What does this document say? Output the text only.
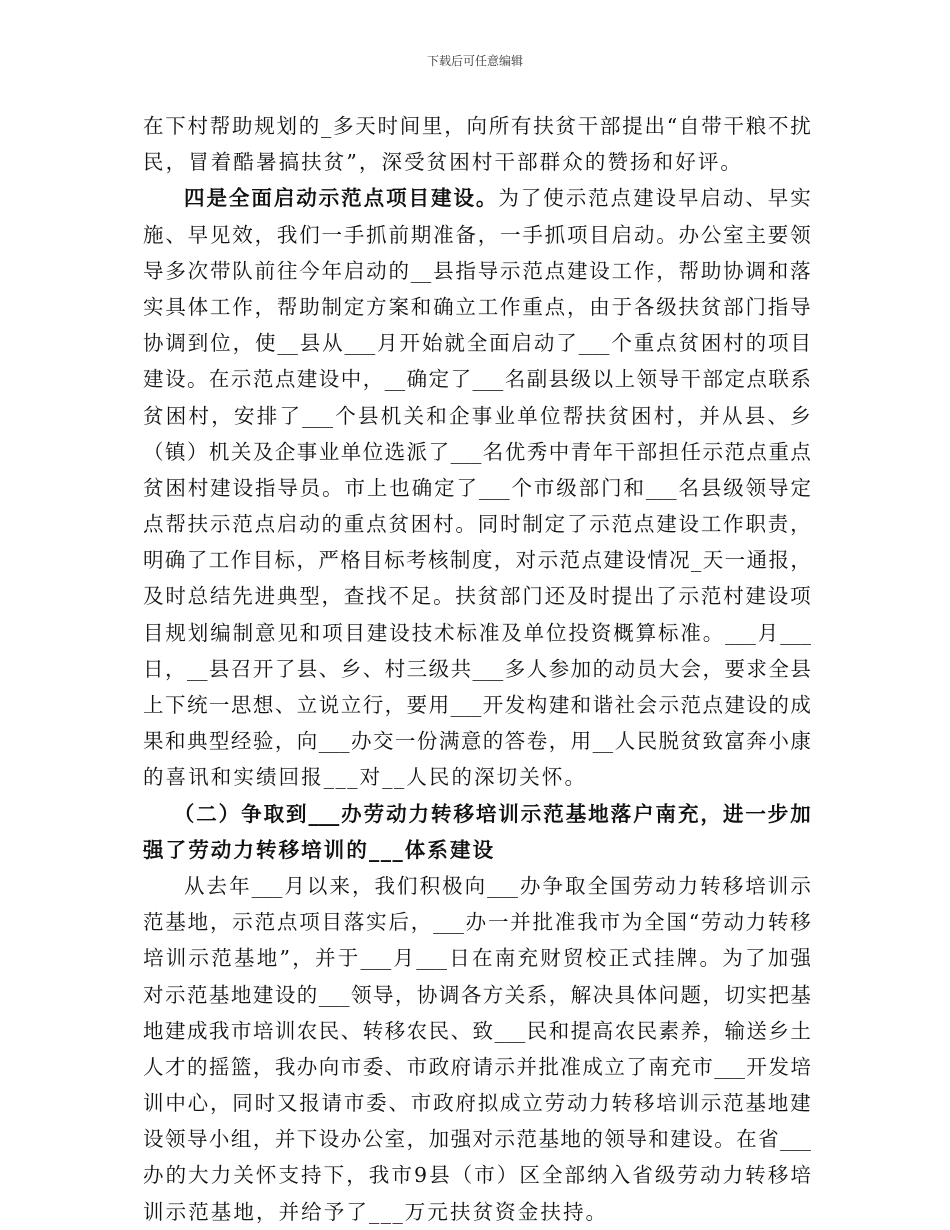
下载后可任意编辑
在 下 村 帮 助 规 划 的 _ 多 天 时 间 里 ， 向 所 有 扶 贫 干 部 提 出 “ 自 带 干 粮 不 扰
民 ， 冒 着 酷 暑 搞 扶 贫 ” ， 深 受 贫 困 村 干 部 群 众 的 赞 扬 和 好 评 。
四 是 全 面 启 动 示 范 点 项 目 建 设 。 为 了 使 示 范 点 建 设 早 启 动 、 早 实
施 、 早 见 效 ， 我 们 一 手 抓 前 期 准 备 ， 一 手 抓 项 目 启 动 。 办 公 室 主 要 领
导 多 次 带 队 前 往 今 年 启 动 的 __ 县 指 导 示 范 点 建 设 工 作 ， 帮 助 协 调 和 落
实 具 体 工 作 ， 帮 助 制 定 方 案 和 确 立 工 作 重 点 ， 由 于 各 级 扶 贫 部 门 指 导
协 调 到 位 ， 使 __ 县 从 ___ 月 开 始 就 全 面 启 动 了 ___ 个 重 点 贫 困 村 的 项 目
建 设 。 在 示 范 点 建 设 中 ， __ 确 定 了 ___ 名 副 县 级 以 上 领 导 干 部 定 点 联 系
贫 困 村 ， 安 排 了 ___ 个 县 机 关 和 企 事 业 单 位 帮 扶 贫 困 村 ， 并 从 县 、 乡
（ 镇 ） 机 关 及 企 事 业 单 位 选 派 了 ___ 名 优 秀 中 青 年 干 部 担 任 示 范 点 重 点
贫 困 村 建 设 指 导 员 。 市 上 也 确 定 了 ___ 个 市 级 部 门 和 ___ 名 县 级 领 导 定
点 帮 扶 示 范 点 启 动 的 重 点 贫 困 村 。 同 时 制 定 了 示 范 点 建 设 工 作 职 责 ，
明 确 了 工 作 目 标 ， 严 格 目 标 考 核 制 度 ， 对 示 范 点 建 设 情 况 _ 天 一 通 报 ，
及 时 总 结 先 进 典 型 ， 查 找 不 足 。 扶 贫 部 门 还 及 时 提 出 了 示 范 村 建 设 项
目 规 划 编 制 意 见 和 项 目 建 设 技 术 标 准 及 单 位 投 资 概 算 标 准 。 ___ 月 ___
日 ， __ 县 召 开 了 县 、 乡 、 村 三 级 共 ___ 多 人 参 加 的 动 员 大 会 ， 要 求 全 县
上 下 统 一 思 想 、 立 说 立 行 ， 要 用 ___ 开 发 构 建 和 谐 社 会 示 范 点 建 设 的 成
果 和 典 型 经 验 ， 向 ___ 办 交 一 份 满 意 的 答 卷 ， 用 __ 人 民 脱 贫 致 富 奔 小 康
的 喜 讯 和 实 绩 回 报 ___ 对 __ 人 民 的 深 切 关 怀 。
（ 二 ） 争 取 到 ___ 办 劳 动 力 转 移 培 训 示 范 基 地 落 户 南 充 ， 进 一 步 加
强 了 劳 动 力 转 移 培 训 的 ___ 体 系 建 设
从 去 年 ___ 月 以 来 ， 我 们 积 极 向 ___ 办 争 取 全 国 劳 动 力 转 移 培 训 示
范 基 地 ， 示 范 点 项 目 落 实 后 ， ___ 办 一 并 批 准 我 市 为 全 国 “ 劳 动 力 转 移
培 训 示 范 基 地 ” ， 并 于 ___ 月 ___ 日 在 南 充 财 贸 校 正 式 挂 牌 。 为 了 加 强
对 示 范 基 地 建 设 的 ___ 领 导 ， 协 调 各 方 关 系 ， 解 决 具 体 问 题 ， 切 实 把 基
地 建 成 我 市 培 训 农 民 、 转 移 农 民 、 致 ___ 民 和 提 高 农 民 素 养 ， 输 送 乡 土
人 才 的 摇 篮 ， 我 办 向 市 委 、 市 政 府 请 示 并 批 准 成 立 了 南 充 市 ___ 开 发 培
训 中 心 ， 同 时 又 报 请 市 委 、 市 政 府 拟 成 立 劳 动 力 转 移 培 训 示 范 基 地 建
设 领 导 小 组 ， 并 下 设 办 公 室 ， 加 强 对 示 范 基 地 的 领 导 和 建 设 。 在 省 ___
办 的 大 力 关 怀 支 持 下 ， 我 市 9 县 （ 市 ） 区 全 部 纳 入 省 级 劳 动 力 转 移 培
训 示 范 基 地 ， 并 给 予 了 ___ 万 元 扶 贫 资 金 扶 持 。
